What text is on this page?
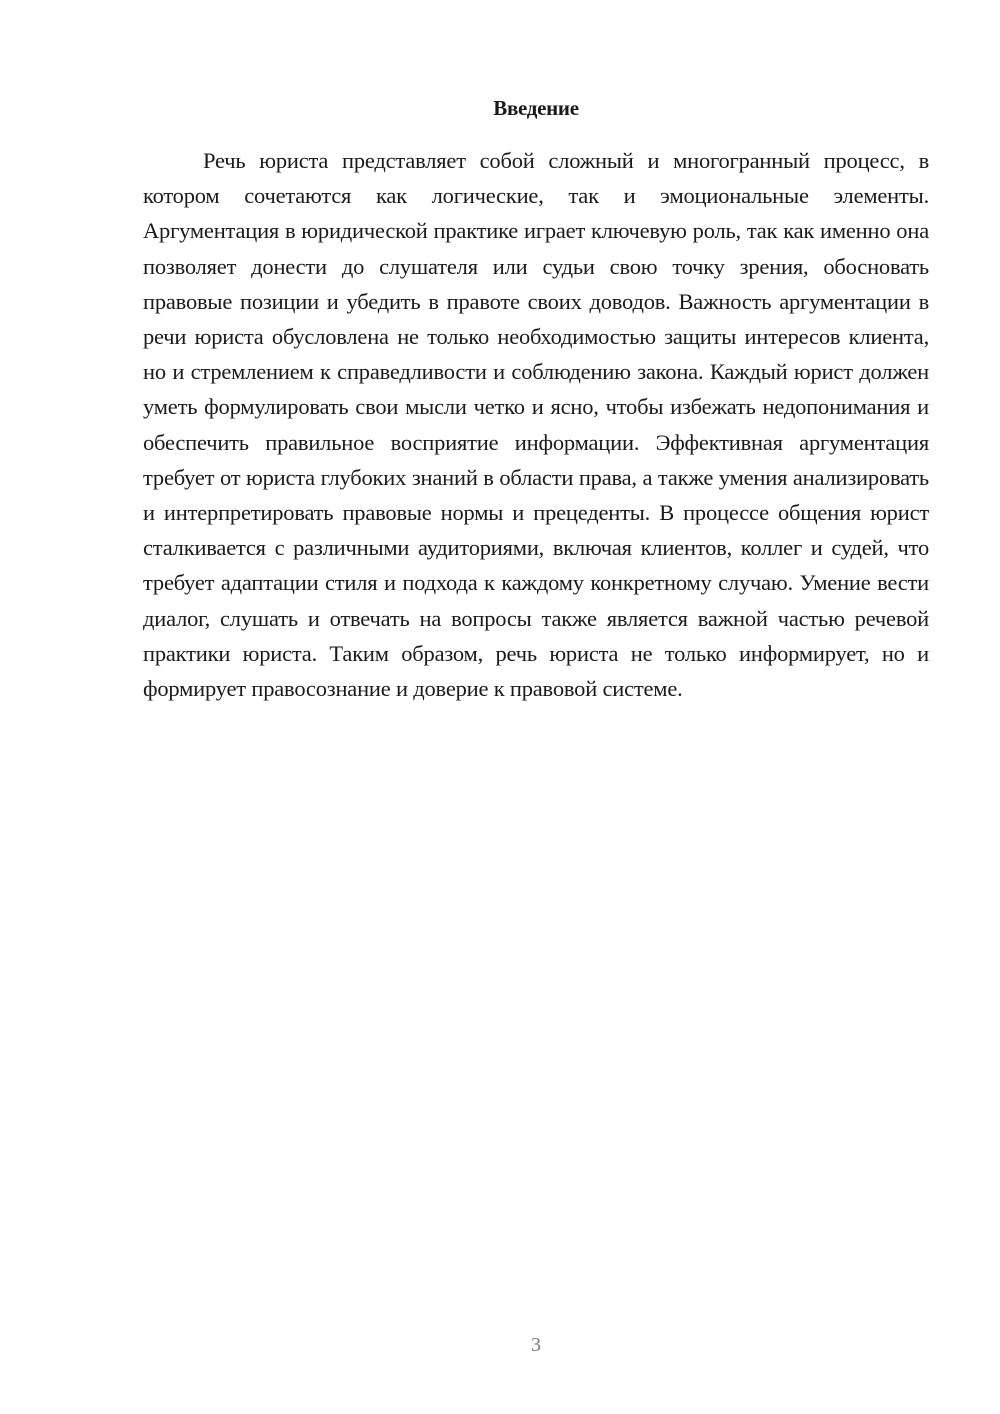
Введение

Речь юриста представляет собой сложный и многогранный процесс, в котором сочетаются как логические, так и эмоциональные элементы. Аргументация в юридической практике играет ключевую роль, так как именно она позволяет донести до слушателя или судьи свою точку зрения, обосновать правовые позиции и убедить в правоте своих доводов. Важность аргументации в речи юриста обусловлена не только необходимостью защиты интересов клиента, но и стремлением к справедливости и соблюдению закона. Каждый юрист должен уметь формулировать свои мысли четко и ясно, чтобы избежать недопонимания и обеспечить правильное восприятие информации. Эффективная аргументация требует от юриста глубоких знаний в области права, а также умения анализировать и интерпретировать правовые нормы и прецеденты. В процессе общения юрист сталкивается с различными аудиториями, включая клиентов, коллег и судей, что требует адаптации стиля и подхода к каждому конкретному случаю. Умение вести диалог, слушать и отвечать на вопросы также является важной частью речевой практики юриста. Таким образом, речь юриста не только информирует, но и формирует правосознание и доверие к правовой системе.

3
